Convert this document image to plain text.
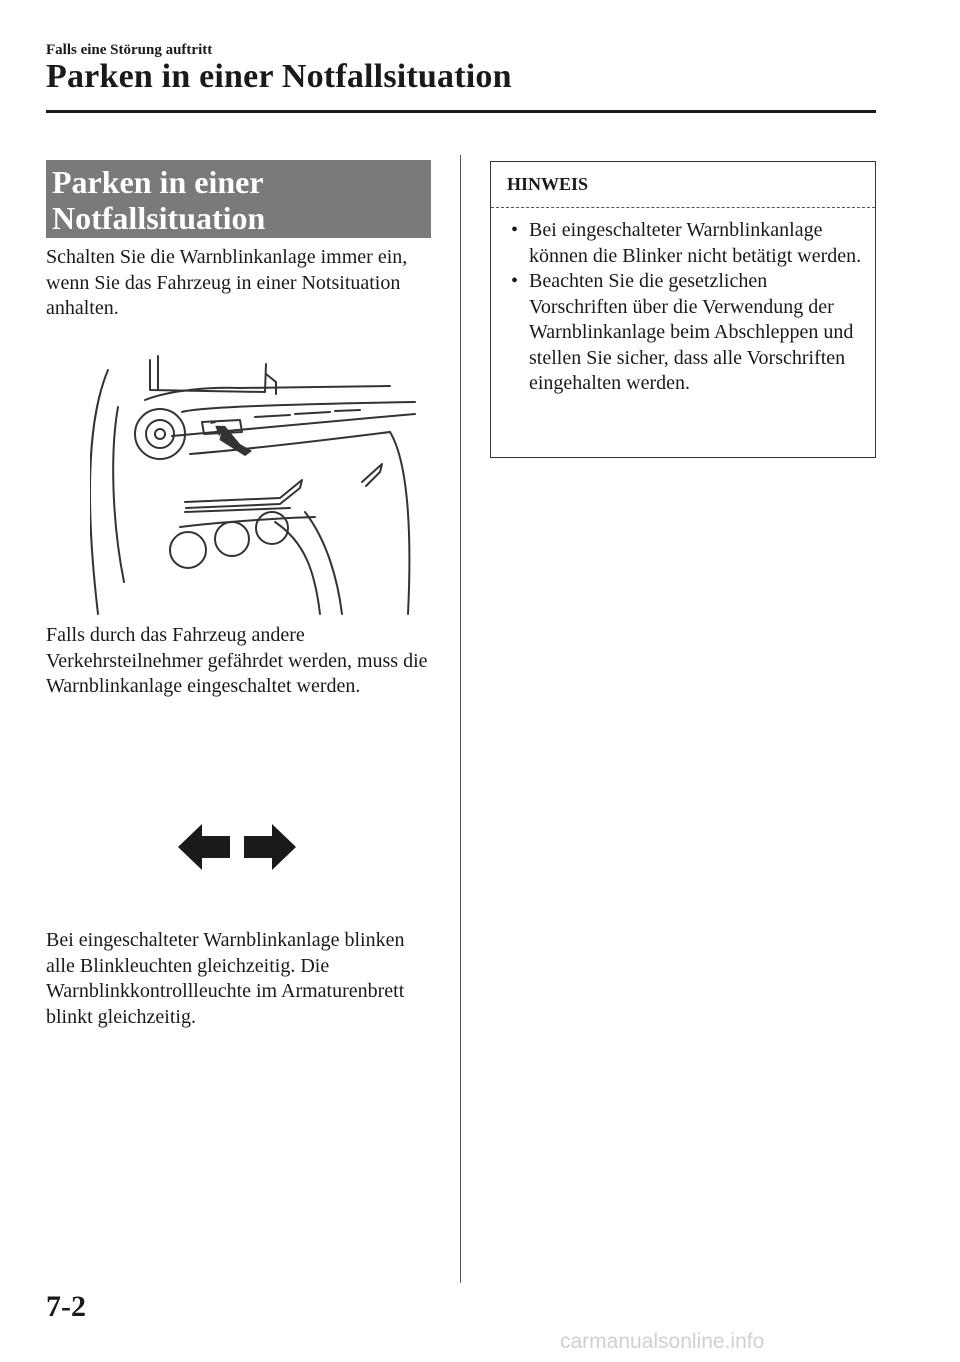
Falls eine Störung auftritt
Parken in einer Notfallsituation
Parken in einer
Notfallsituation
Schalten Sie die Warnblinkanlage immer ein, wenn Sie das Fahrzeug in einer Notsituation anhalten.
Falls durch das Fahrzeug andere Verkehrsteilnehmer gefährdet werden, muss die Warnblinkanlage eingeschaltet werden.
Bei eingeschalteter Warnblinkanlage blinken alle Blinkleuchten gleichzeitig. Die Warnblinkkontrollleuchte im Armaturenbrett blinkt gleichzeitig.
HINWEIS
• Bei eingeschalteter Warnblinkanlage können die Blinker nicht betätigt werden.
• Beachten Sie die gesetzlichen Vorschriften über die Verwendung der Warnblinkanlage beim Abschleppen und stellen Sie sicher, dass alle Vorschriften eingehalten werden.
7-2
carmanualsonline.info
